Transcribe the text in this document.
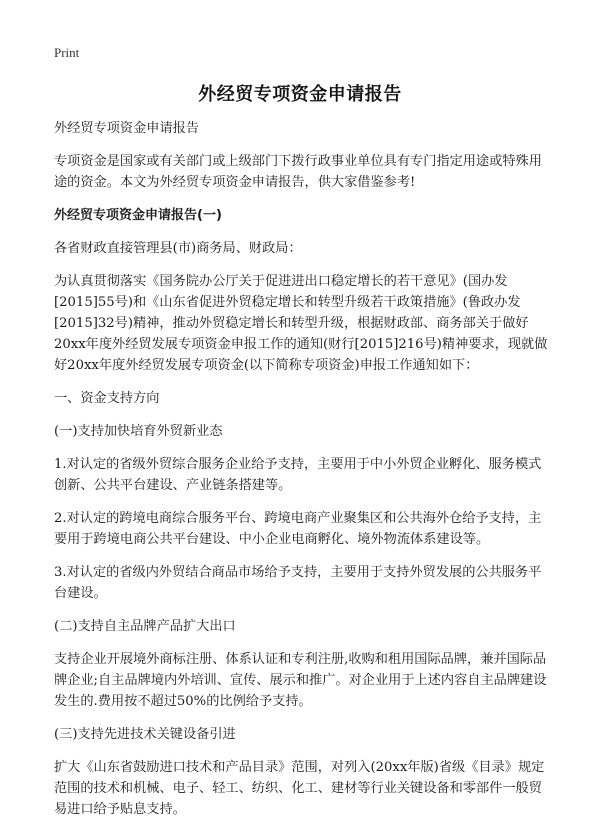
Print
外经贸专项资金申请报告

外经贸专项资金申请报告

专项资金是国家或有关部门或上级部门下拨行政事业单位具有专门指定用途或特殊用途的资金。本文为外经贸专项资金申请报告，供大家借鉴参考!

外经贸专项资金申请报告(一)

各省财政直接管理县(市)商务局、财政局：

为认真贯彻落实《国务院办公厅关于促进进出口稳定增长的若干意见》(国办发[2015]55号)和《山东省促进外贸稳定增长和转型升级若干政策措施》(鲁政办发[2015]32号)精神，推动外贸稳定增长和转型升级，根据财政部、商务部关于做好20xx年度外经贸发展专项资金申报工作的通知(财行[2015]216号)精神要求，现就做好20xx年度外经贸发展专项资金(以下简称专项资金)申报工作通知如下：

一、资金支持方向

(一)支持加快培育外贸新业态

1.对认定的省级外贸综合服务企业给予支持，主要用于中小外贸企业孵化、服务模式创新、公共平台建设、产业链条搭建等。

2.对认定的跨境电商综合服务平台、跨境电商产业聚集区和公共海外仓给予支持，主要用于跨境电商公共平台建设、中小企业电商孵化、境外物流体系建设等。

3.对认定的省级内外贸结合商品市场给予支持，主要用于支持外贸发展的公共服务平台建设。

(二)支持自主品牌产品扩大出口

支持企业开展境外商标注册、体系认证和专利注册,收购和租用国际品牌，兼并国际品牌企业;自主品牌境内外培训、宣传、展示和推广。对企业用于上述内容自主品牌建设发生的.费用按不超过50%的比例给予支持。

(三)支持先进技术关键设备引进

扩大《山东省鼓励进口技术和产品目录》范围，对列入(20xx年版)省级《目录》规定范围的技术和机械、电子、轻工、纺织、化工、建材等行业关键设备和零部件一般贸易进口给予贴息支持。
